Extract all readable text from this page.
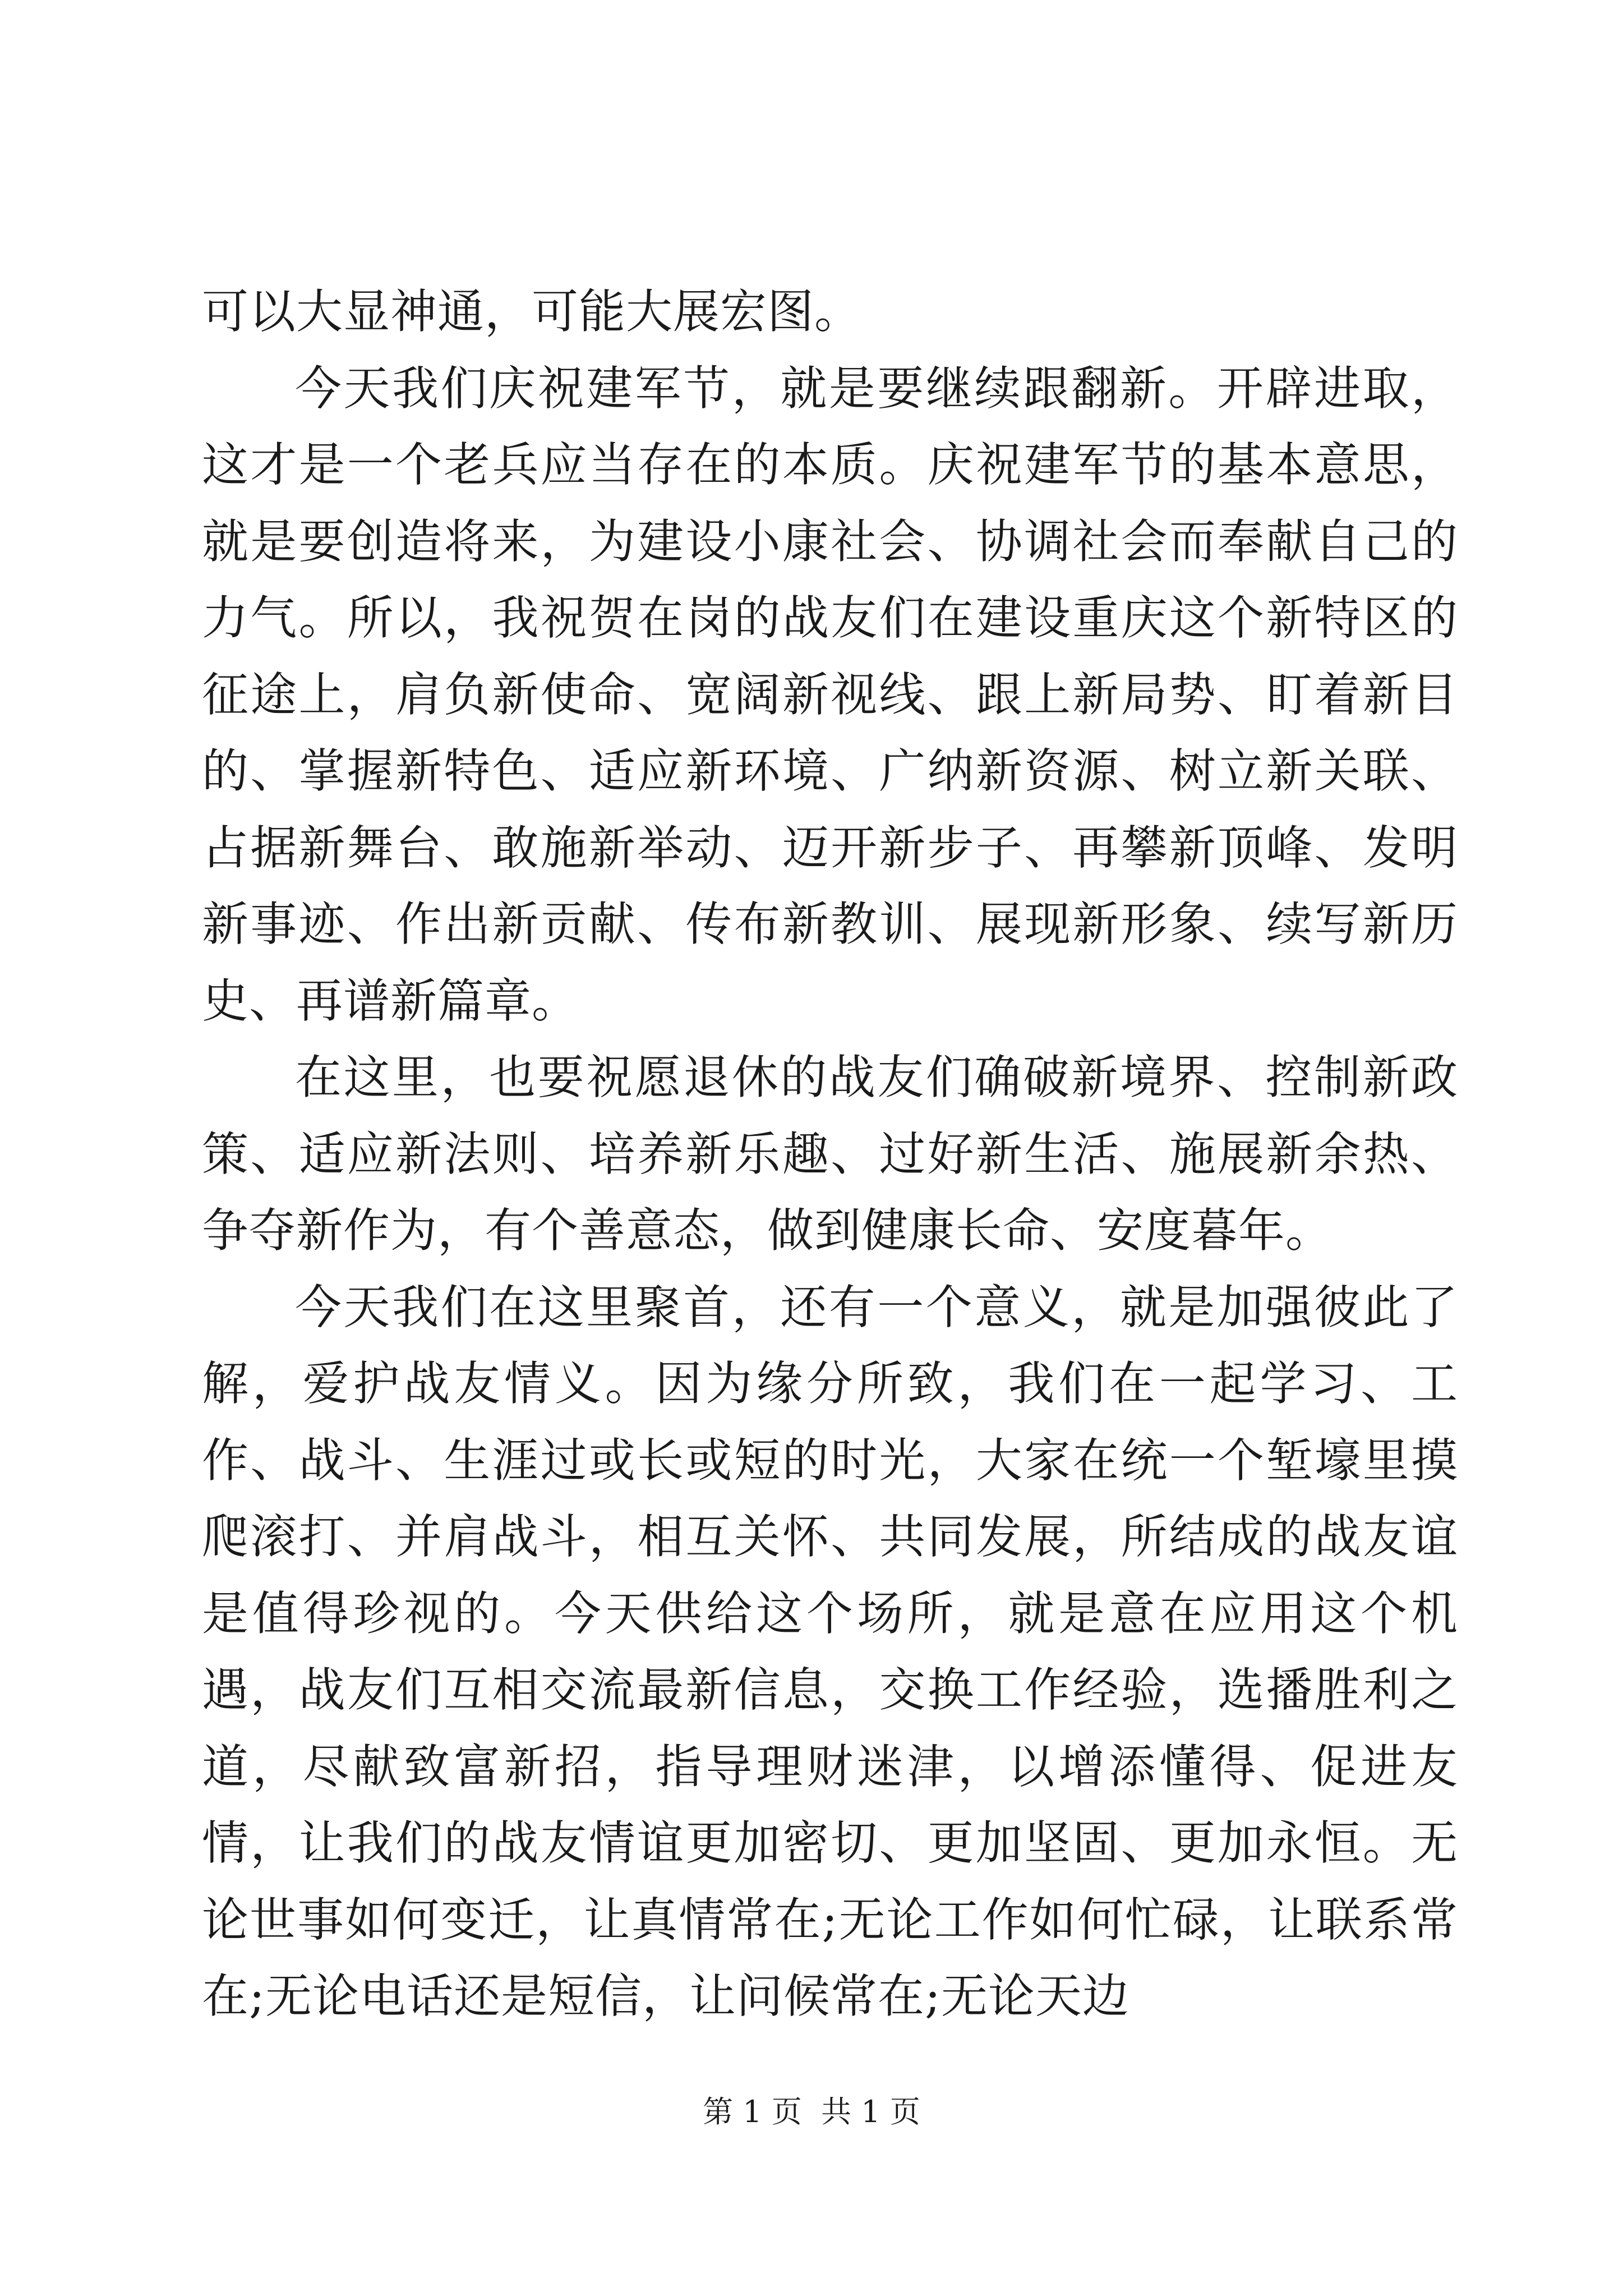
可以大显神通，可能大展宏图。

今天我们庆祝建军节，就是要继续跟翻新。开辟进取，这才是一个老兵应当存在的本质。庆祝建军节的基本意思，就是要创造将来，为建设小康社会、协调社会而奉献自己的力气。所以，我祝贺在岗的战友们在建设重庆这个新特区的征途上，肩负新使命、宽阔新视线、跟上新局势、盯着新目的、掌握新特色、适应新环境、广纳新资源、树立新关联、占据新舞台、敢施新举动、迈开新步子、再攀新顶峰、发明新事迹、作出新贡献、传布新教训、展现新形象、续写新历史、再谱新篇章。

在这里，也要祝愿退休的战友们确破新境界、控制新政策、适应新法则、培养新乐趣、过好新生活、施展新余热、争夺新作为，有个善意态，做到健康长命、安度暮年。

今天我们在这里聚首，还有一个意义，就是加强彼此了解，爱护战友情义。因为缘分所致，我们在一起学习、工作、战斗、生涯过或长或短的时光，大家在统一个堑壕里摸爬滚打、并肩战斗，相互关怀、共同发展，所结成的战友谊是值得珍视的。今天供给这个场所，就是意在应用这个机遇，战友们互相交流最新信息，交换工作经验，选播胜利之道，尽献致富新招，指导理财迷津，以增添懂得、促进友情，让我们的战友情谊更加密切、更加坚固、更加永恒。无论世事如何变迁，让真情常在;无论工作如何忙碌，让联系常在;无论电话还是短信，让问候常在;无论天边

第 1 页  共 1 页
